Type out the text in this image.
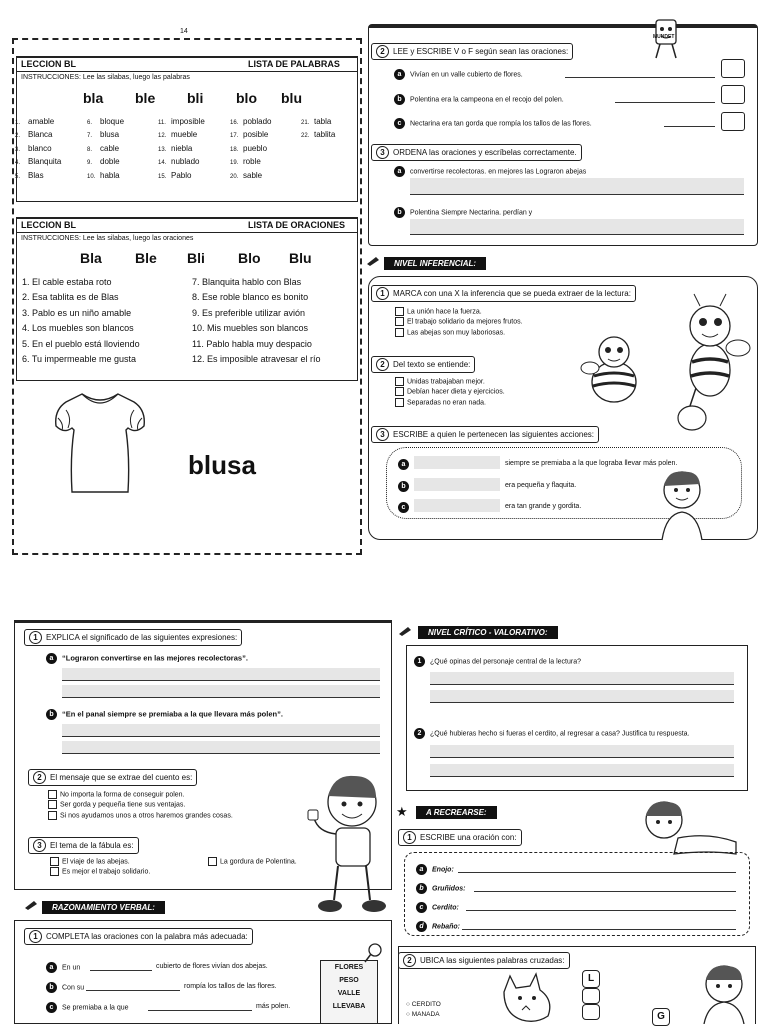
14
LECCION BL	LISTA DE PALABRAS
INSTRUCCIONES: Lee las silabas, luego las palabras
bla ble bli blo blu
1. amable
2. Blanca
3. blanco
4. Blanquita
5. Blas
6. bloque
7. blusa
8. cable
9. doble
10. habla
11. imposible
12. mueble
13. niebla
14. nublado
15. Pablo
16. poblado
17. posible
18. pueblo
19. roble
20. sable
21. tabla
22. tablita
LECCION BL	LISTA DE ORACIONES
INSTRUCCIONES: Lee las silabas, luego las oraciones
Bla Ble Bli Blo Blu
1. El cable estaba roto
2. Esa tablita es de Blas
3. Pablo es un niño amable
4. Los muebles son blancos
5. En el pueblo está lloviendo
6. Tu impermeable me gusta
7. Blanquita hablo con Blas
8. Ese roble blanco es bonito
9. Es preferible utilizar avión
10. Mis muebles son blancos
11. Pablo habla muy despacio
12. Es imposible atravesar el río
blusa
MUNDET
2 LEE y ESCRIBE V o F según sean las oraciones:
a Vivían en un valle cubierto de flores.
b Polentina era la campeona en el recojo del polen.
c Nectarina era tan gorda que rompía los tallos de las flores.
3 ORDENA las oraciones y escríbelas correctamente.
a convertirse recolectoras. en mejores las Lograron abejas
b Polentina Siempre Nectarina. perdían y
NIVEL INFERENCIAL:
1 MARCA con una X la inferencia que se pueda extraer de la lectura:
La unión hace la fuerza.
El trabajo solidario da mejores frutos.
Las abejas son muy laboriosas.
2 Del texto se entiende:
Unidas trabajaban mejor.
Debían hacer dieta y ejercicios.
Separadas no eran nada.
3 ESCRIBE a quien le pertenecen las siguientes acciones:
a	siempre se premiaba a la que lograba llevar más polen.
b	era pequeña y flaquita.
c	era tan grande y gordita.
1 EXPLICA el significado de las siguientes expresiones:
a “Lograron convertirse en las mejores recolectoras”.
b “En el panal siempre se premiaba a la que llevara más polen”.
2 El mensaje que se extrae del cuento es:
No importa la forma de conseguir polen.
Ser gorda y pequeña tiene sus ventajas.
Si nos ayudamos unos a otros haremos grandes cosas.
3 El tema de la fábula es:
El viaje de las abejas.
Es mejor el trabajo solidario.
La gordura de Polentina.
RAZONAMIENTO VERBAL:
1 COMPLETA las oraciones con la palabra más adecuada:
a En un	cubierto de flores vivían dos abejas.
b Con su	rompía los tallos de las flores.
c Se premiaba a la que	más polen.
FLORES
PESO
VALLE
LLEVABA
NIVEL CRÍTICO - VALORATIVO:
1 ¿Qué opinas del personaje central de la lectura?
2 ¿Qué hubieras hecho si fueras el cerdito, al regresar a casa? Justifica tu respuesta.
★	A RECREARSE:
1 ESCRIBE una oración con:
a Enojo:
b Gruñidos:
c Cerdito:
d Rebaño:
2 UBICA las siguientes palabras cruzadas:
○ CERDITO
○ MANADA
L
G
